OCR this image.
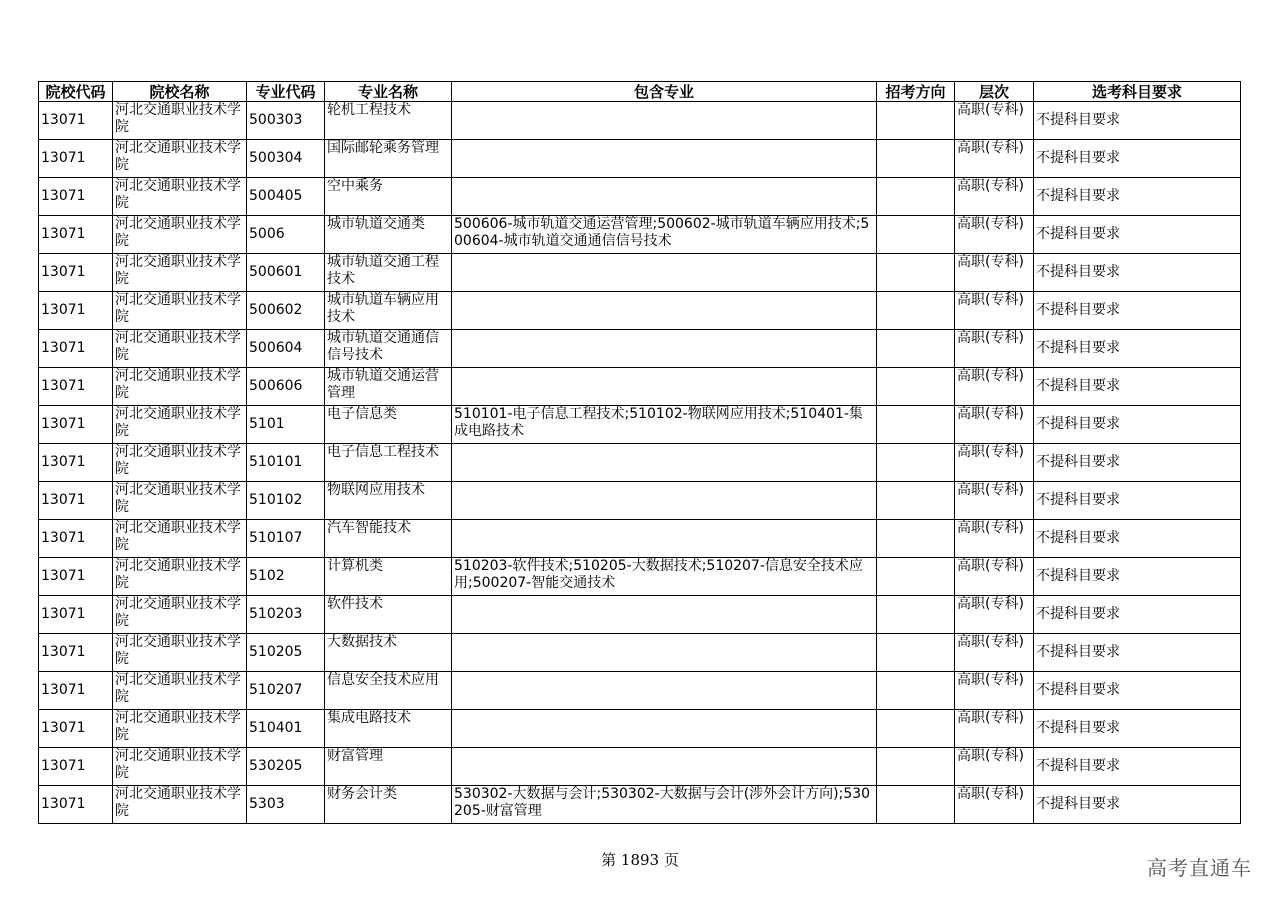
院校代码	院校名称	专业代码	专业名称	包含专业	招考方向	层次	选考科目要求
13071	河北交通职业技术学院	500303	轮机工程技术			高职(专科)	不提科目要求
13071	河北交通职业技术学院	500304	国际邮轮乘务管理			高职(专科)	不提科目要求
13071	河北交通职业技术学院	500405	空中乘务			高职(专科)	不提科目要求
13071	河北交通职业技术学院	5006	城市轨道交通类	500606-城市轨道交通运营管理;500602-城市轨道车辆应用技术;500604-城市轨道交通通信信号技术		高职(专科)	不提科目要求
13071	河北交通职业技术学院	500601	城市轨道交通工程技术			高职(专科)	不提科目要求
13071	河北交通职业技术学院	500602	城市轨道车辆应用技术			高职(专科)	不提科目要求
13071	河北交通职业技术学院	500604	城市轨道交通通信信号技术			高职(专科)	不提科目要求
13071	河北交通职业技术学院	500606	城市轨道交通运营管理			高职(专科)	不提科目要求
13071	河北交通职业技术学院	5101	电子信息类	510101-电子信息工程技术;510102-物联网应用技术;510401-集成电路技术		高职(专科)	不提科目要求
13071	河北交通职业技术学院	510101	电子信息工程技术			高职(专科)	不提科目要求
13071	河北交通职业技术学院	510102	物联网应用技术			高职(专科)	不提科目要求
13071	河北交通职业技术学院	510107	汽车智能技术			高职(专科)	不提科目要求
13071	河北交通职业技术学院	5102	计算机类	510203-软件技术;510205-大数据技术;510207-信息安全技术应用;500207-智能交通技术		高职(专科)	不提科目要求
13071	河北交通职业技术学院	510203	软件技术			高职(专科)	不提科目要求
13071	河北交通职业技术学院	510205	大数据技术			高职(专科)	不提科目要求
13071	河北交通职业技术学院	510207	信息安全技术应用			高职(专科)	不提科目要求
13071	河北交通职业技术学院	510401	集成电路技术			高职(专科)	不提科目要求
13071	河北交通职业技术学院	530205	财富管理			高职(专科)	不提科目要求
13071	河北交通职业技术学院	5303	财务会计类	530302-大数据与会计;530302-大数据与会计(涉外会计方向);530205-财富管理		高职(专科)	不提科目要求
第 1893 页	高考直通车
